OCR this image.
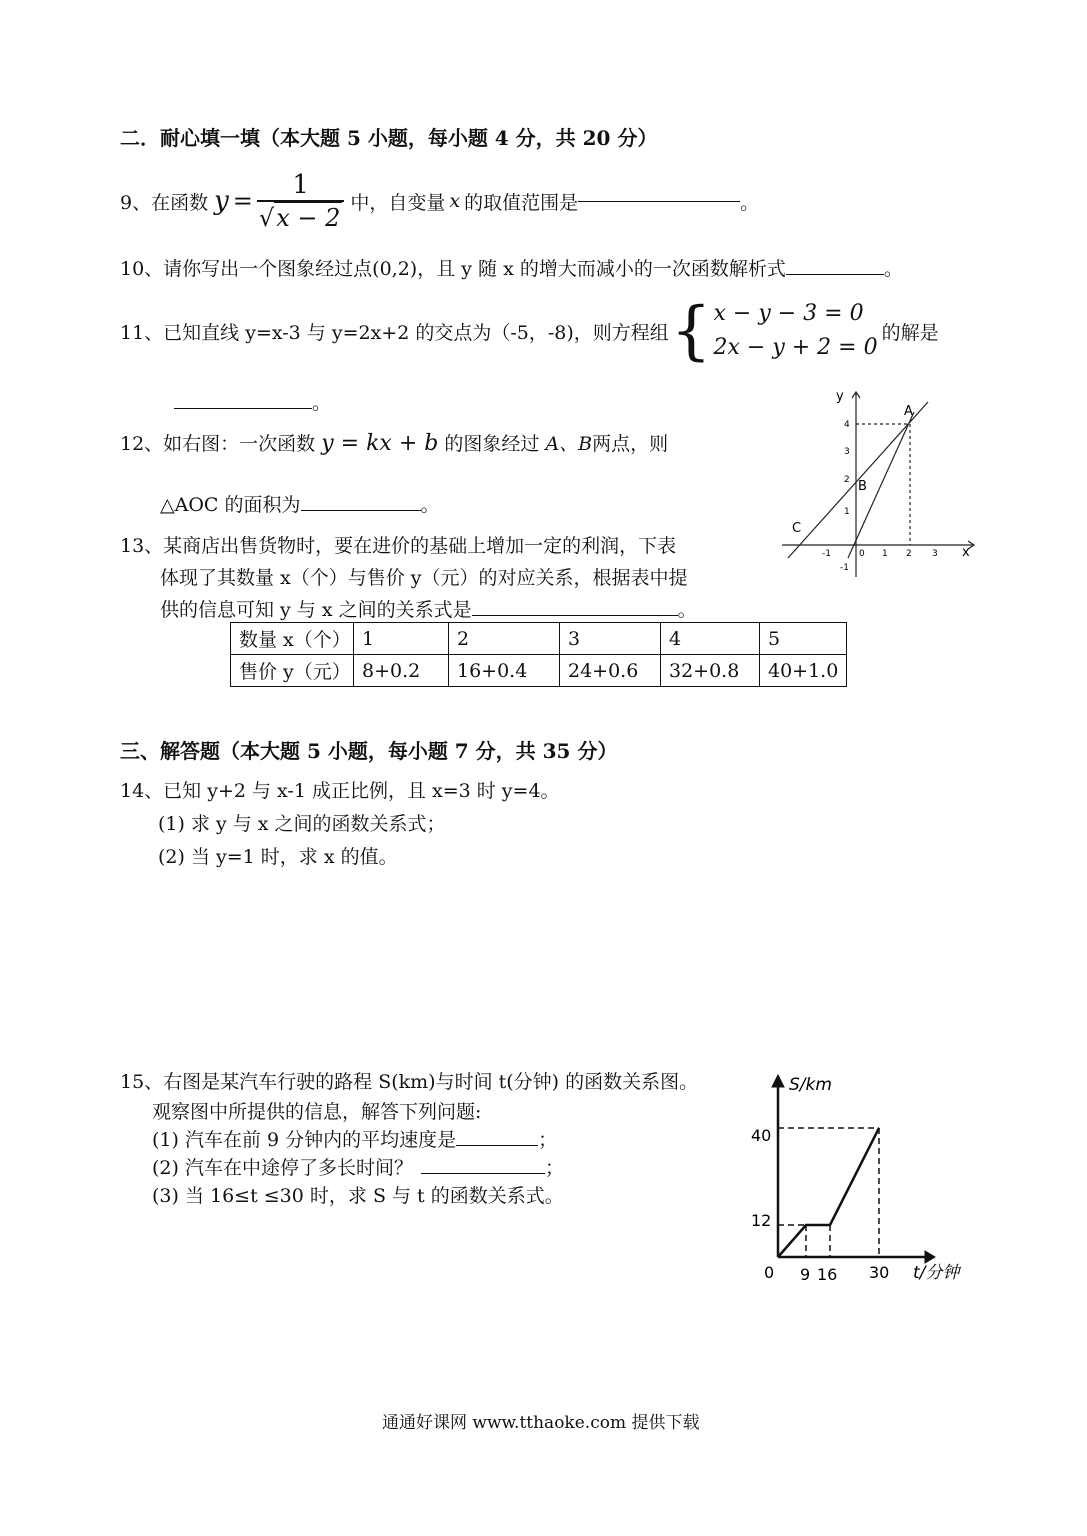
二．耐心填一填（本大题 5 小题，每小题 4 分，共 20 分）
9、在函数 $y = \frac{1}{√x - 2}$ 中，自变量 x 的取值范围是	。
10、请你写出一个图象经过点(0,2)，且 y 随 x 的增大而减小的一次函数解析式	。
11、已知直线 y=x-3 与 y=2x+2 的交点为（-5，-8)，则方程组 { x − y − 3 = 0
2x − y + 2 = 0
的解是
。
12、如右图：一次函数 y = kx + b 的图象经过 A、B两点，则
△AOC 的面积为	。
y
x
A
B
C
-1	0 1 2 3
4
3
2
1
-1
13、某商店出售货物时，要在进价的基础上增加一定的利润，下表
体现了其数量 x（个）与售价 y（元）的对应关系，根据表中提
供的信息可知 y 与 x 之间的关系式是	。
数量 x（个）	1	2	3	4	5
售价 y（元）	8+0.2	16+0.4	24+0.6	32+0.8	40+1.0
三、解答题（本大题 5 小题，每小题 7 分，共 35 分）
14、已知 y+2 与 x-1 成正比例，且 x=3 时 y=4。
(1) 求 y 与 x 之间的函数关系式；
(2) 当 y=1 时，求 x 的值。
15、右图是某汽车行驶的路程 S(km)与时间 t(分钟) 的函数关系图。
观察图中所提供的信息，解答下列问题:
(1) 汽车在前 9 分钟内的平均速度是	；
(2) 汽车在中途停了多长时间？	；
(3) 当 16≤t ≤30 时，求 S 与 t 的函数关系式。
S/km
t/分钟
40
12
0 9 16 30
通通好课网 www.tthaoke.com 提供下载
